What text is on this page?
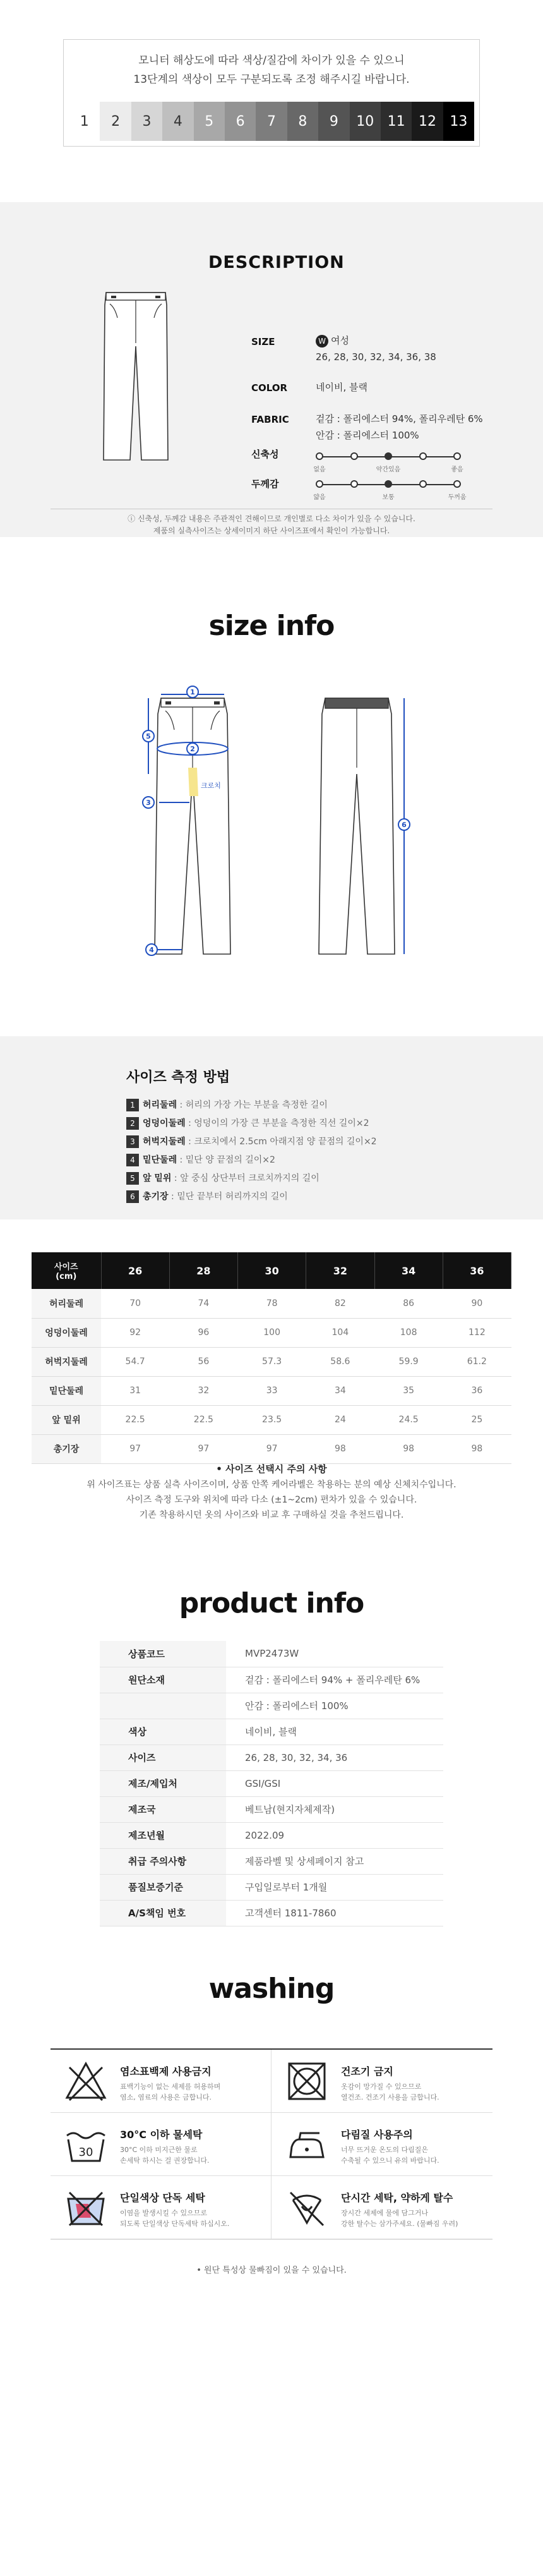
모니터 해상도에 따라 색상/질감에 차이가 있을 수 있으니
13단계의 색상이 모두 구분되도록 조정 해주시길 바랍니다.
1	2	3	4	5	6	7	8	9	10 11 12 13
DESCRIPTION
SIZE	W 여성
26, 28, 30, 32, 34, 36, 38
COLOR	네이비, 블랙
FABRIC	겉감 : 폴리에스터 94%, 폴리우레탄 6%
안감 : 폴리에스터 100%
신축성
없음	약간있음	좋음
두께감
얇음	보통	두꺼움
ⓘ 신축성, 두께감 내용은 주관적인 견해이므로 개인별로 다소 차이가 있을 수 있습니다.
제품의 실측사이즈는 상세이미지 하단 사이즈표에서 확인이 가능합니다.
size info
1
2
3
5
4
크로치
6
사이즈 측정 방법
1 허리둘레 : 허리의 가장 가는 부분을 측정한 길이
2 엉덩이둘레 : 엉덩이의 가장 큰 부분을 측정한 직선 길이×2
3 허벅지둘레 : 크로치에서 2.5cm 아래지점 양 끝점의 길이×2
4 밑단둘레 : 밑단 양 끝점의 길이×2
5 앞 밑위 : 앞 중심 상단부터 크로치까지의 길이
6 총기장 : 밑단 끝부터 허리까지의 길이
사이즈
(cm)	26	28	30	32	34	36
허리둘레	70	74	78	82	86	90
엉덩이둘레	92	96	100	104	108	112
허벅지둘레	54.7	56	57.3	58.6	59.9	61.2
밑단둘레	31	32	33	34	35	36
앞 밑위	22.5	22.5	23.5	24	24.5	25
총기장	97	97	97	98	98	98
• 사이즈 선택시 주의 사항
위 사이즈표는 상품 실측 사이즈이며, 상품 안쪽 케어라벨은 착용하는 분의 예상 신체치수입니다.
사이즈 측정 도구와 위치에 따라 다소 (±1~2cm) 편차가 있을 수 있습니다.
기존 착용하시던 옷의 사이즈와 비교 후 구매하실 것을 추천드립니다.
product info
상품코드	MVP2473W
원단소재	겉감 : 폴리에스터 94% + 폴리우레탄 6%
	안감 : 폴리에스터 100%
색상	네이비, 블랙
사이즈	26, 28, 30, 32, 34, 36
제조/제입처	GSI/GSI
제조국	베트남(현지자체제작)
제조년월	2022.09
취급 주의사항	제품라벨 및 상세페이지 참고
품질보증기준	구입일로부터 1개월
A/S책임 번호	고객센터 1811-7860
washing
염소표백제 사용금지
표백기능이 없는 세제를 허용하며
염소, 염료의 사용은 금합니다.
건조기 금지
옷감이 망가질 수 있으므로
열건조. 건조기 사용을 금합니다.
30
30°C 이하 물세탁
30°C 이하 미지근한 물로
손세탁 하시는 걸 권장합니다.
다림질 사용주의
너무 뜨거운 온도의 다림질은
수축될 수 있으니 유의 바랍니다.
단일색상 단독 세탁
이염을 발생시킬 수 있으므로
되도록 단일색상 단독세탁 하십시오.
단시간 세탁, 약하게 탈수
장시간 세제에 물에 담그거나
강한 탈수는 삼가주세요. (물빠짐 우려)
• 원단 특성상 물빠짐이 있을 수 있습니다.
